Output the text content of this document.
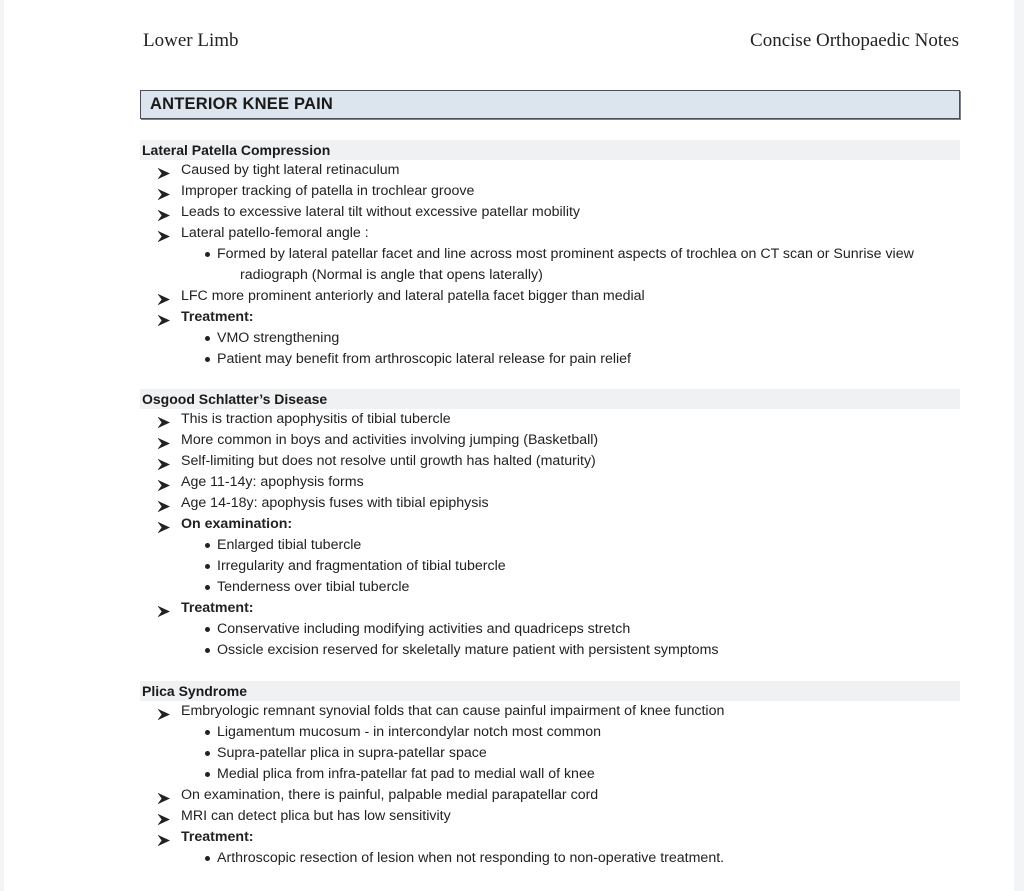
Lower Limb	Concise Orthopaedic Notes
ANTERIOR KNEE PAIN
Lateral Patella Compression
Caused by tight lateral retinaculum
Improper tracking of patella in trochlear groove
Leads to excessive lateral tilt without excessive patellar mobility
Lateral patello-femoral angle :
Formed by lateral patellar facet and line across most prominent aspects of trochlea on CT scan or Sunrise view
radiograph (Normal is angle that opens laterally)
LFC more prominent anteriorly and lateral patella facet bigger than medial
Treatment:
VMO strengthening
Patient may benefit from arthroscopic lateral release for pain relief
Osgood Schlatter’s Disease
This is traction apophysitis of tibial tubercle
More common in boys and activities involving jumping (Basketball)
Self-limiting but does not resolve until growth has halted (maturity)
Age 11-14y: apophysis forms
Age 14-18y: apophysis fuses with tibial epiphysis
On examination:
Enlarged tibial tubercle
Irregularity and fragmentation of tibial tubercle
Tenderness over tibial tubercle
Treatment:
Conservative including modifying activities and quadriceps stretch
Ossicle excision reserved for skeletally mature patient with persistent symptoms
Plica Syndrome
Embryologic remnant synovial folds that can cause painful impairment of knee function
Ligamentum mucosum - in intercondylar notch most common
Supra-patellar plica in supra-patellar space
Medial plica from infra-patellar fat pad to medial wall of knee
On examination, there is painful, palpable medial parapatellar cord
MRI can detect plica but has low sensitivity
Treatment:
Arthroscopic resection of lesion when not responding to non-operative treatment.
